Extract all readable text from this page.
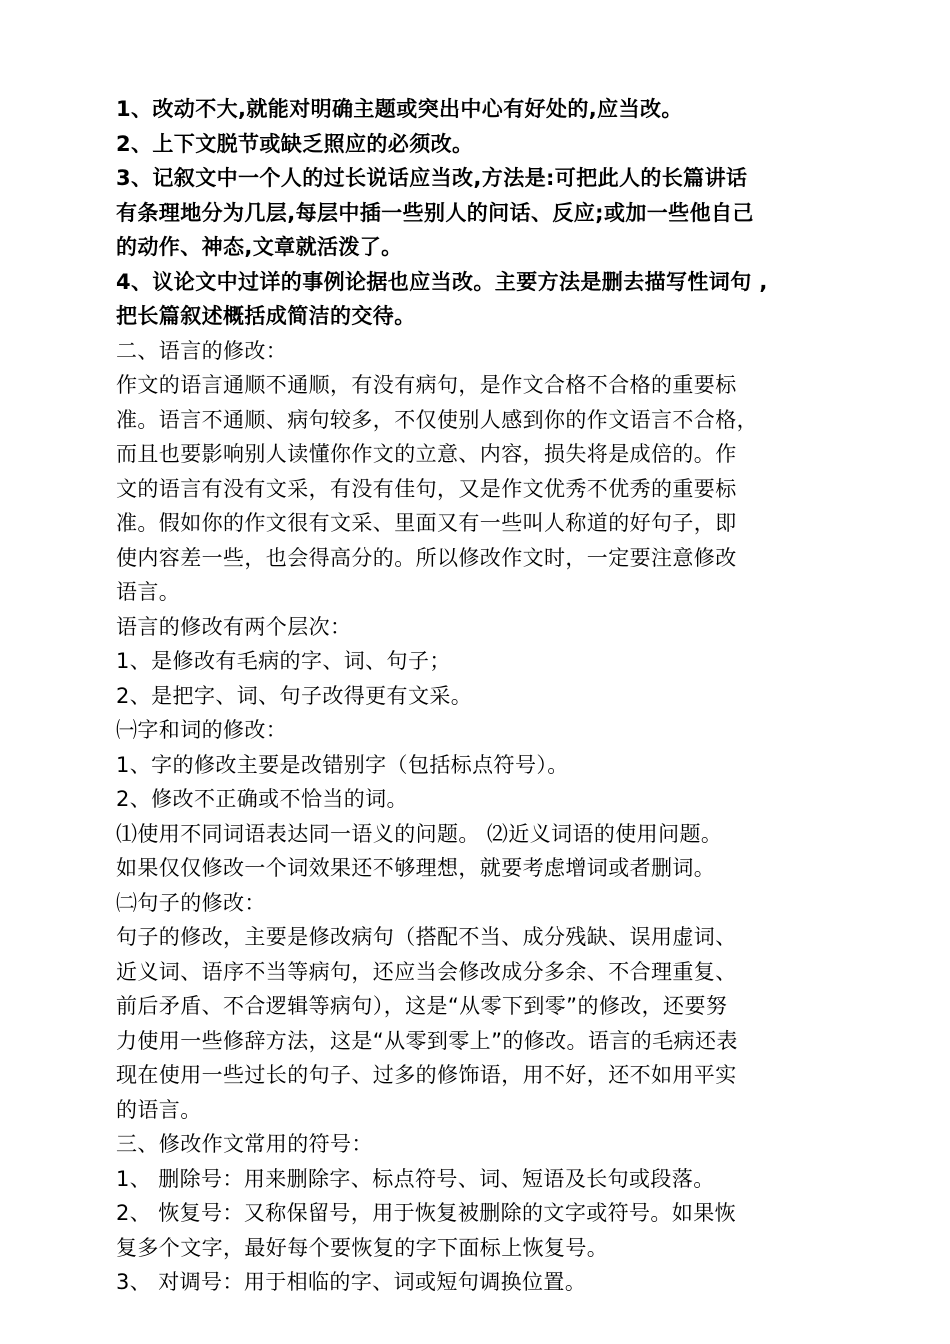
1、改动不大,就能对明确主题或突出中心有好处的,应当改。
2、上下文脱节或缺乏照应的必须改。
3、记叙文中一个人的过长说话应当改,方法是:可把此人的长篇讲话
有条理地分为几层,每层中插一些别人的问话、反应;或加一些他自己
的动作、神态,文章就活泼了。
4、议论文中过详的事例论据也应当改。主要方法是删去描写性词句 ,
把长篇叙述概括成简洁的交待。
二、语言的修改：
作文的语言通顺不通顺，有没有病句，是作文合格不合格的重要标
准。语言不通顺、病句较多，不仅使别人感到你的作文语言不合格，
而且也要影响别人读懂你作文的立意、内容，损失将是成倍的。作
文的语言有没有文采，有没有佳句，又是作文优秀不优秀的重要标
准。假如你的作文很有文采、里面又有一些叫人称道的好句子，即
使内容差一些，也会得高分的。所以修改作文时，一定要注意修改
语言。
语言的修改有两个层次：
1、是修改有毛病的字、词、句子；
2、是把字、词、句子改得更有文采。
㈠字和词的修改：
1、字的修改主要是改错别字（包括标点符号）。
2、修改不正确或不恰当的词。
⑴使用不同词语表达同一语义的问题。 ⑵近义词语的使用问题。
如果仅仅修改一个词效果还不够理想，就要考虑增词或者删词。
㈡句子的修改：
句子的修改，主要是修改病句（搭配不当、成分残缺、误用虚词、
近义词、语序不当等病句，还应当会修改成分多余、不合理重复、
前后矛盾、不合逻辑等病句），这是“从零下到零”的修改，还要努
力使用一些修辞方法，这是“从零到零上”的修改。语言的毛病还表
现在使用一些过长的句子、过多的修饰语，用不好，还不如用平实
的语言。
三、修改作文常用的符号：
1、 删除号：用来删除字、标点符号、词、短语及长句或段落。
2、 恢复号：又称保留号，用于恢复被删除的文字或符号。如果恢
复多个文字，最好每个要恢复的字下面标上恢复号。
3、 对调号：用于相临的字、词或短句调换位置。
